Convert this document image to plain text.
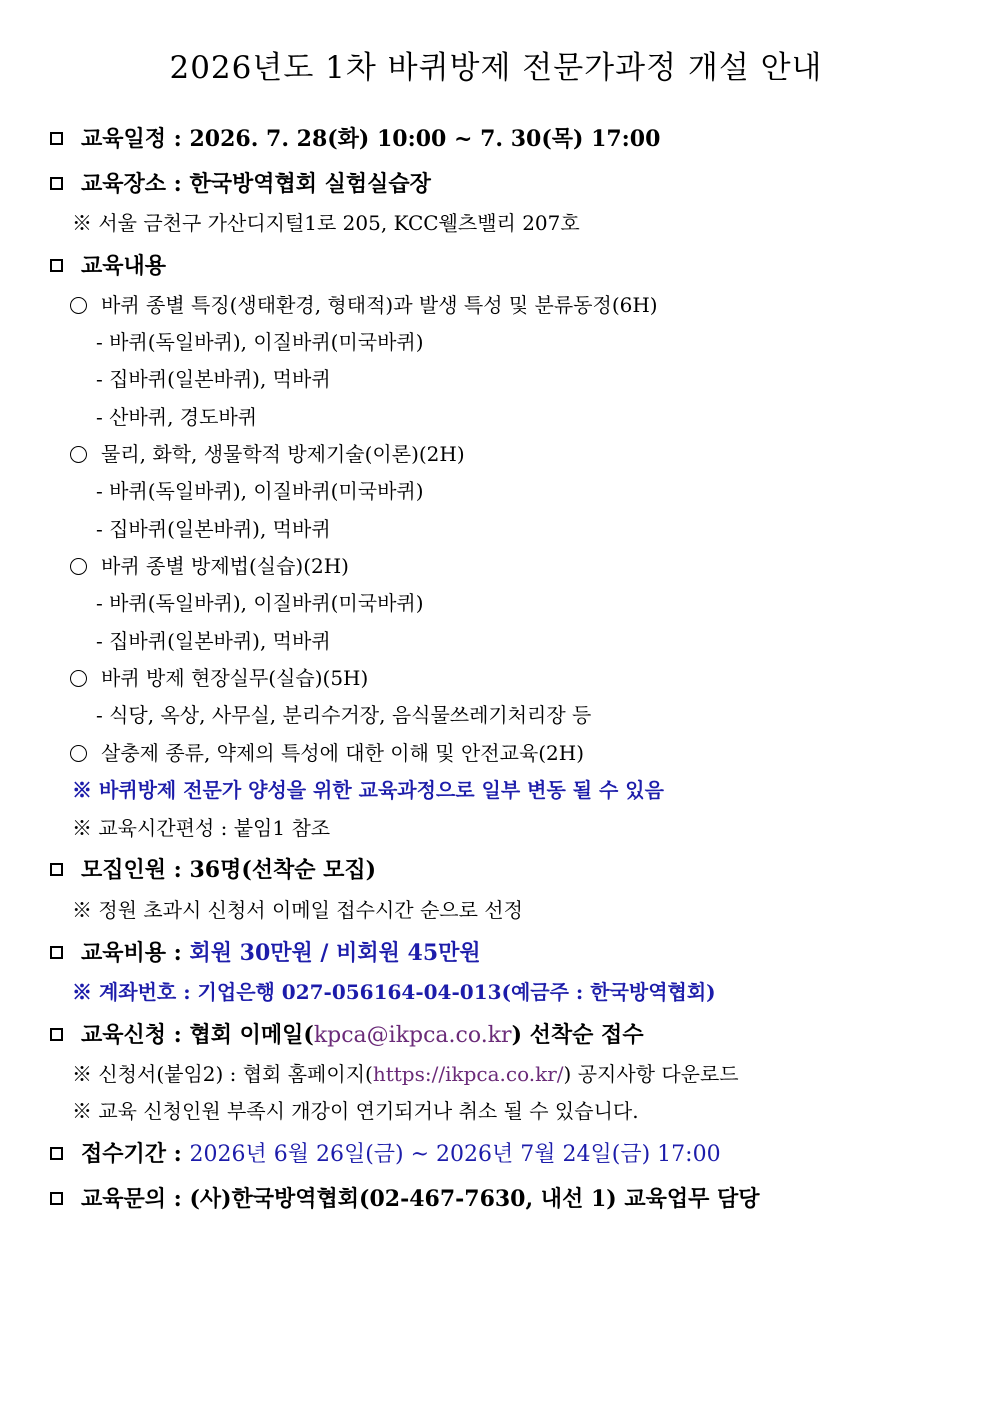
2026년도 1차 바퀴방제 전문가과정 개설 안내
교육일정 : 2026. 7. 28(화) 10:00 ~ 7. 30(목) 17:00
교육장소 : 한국방역협회 실험실습장
※ 서울 금천구 가산디지털1로 205, KCC웰츠밸리 207호
교육내용
바퀴 종별 특징(생태환경, 형태적)과 발생 특성 및 분류동정(6H)
- 바퀴(독일바퀴), 이질바퀴(미국바퀴)
- 집바퀴(일본바퀴), 먹바퀴
- 산바퀴, 경도바퀴
물리, 화학, 생물학적 방제기술(이론)(2H)
- 바퀴(독일바퀴), 이질바퀴(미국바퀴)
- 집바퀴(일본바퀴), 먹바퀴
바퀴 종별 방제법(실습)(2H)
- 바퀴(독일바퀴), 이질바퀴(미국바퀴)
- 집바퀴(일본바퀴), 먹바퀴
바퀴 방제 현장실무(실습)(5H)
- 식당, 옥상, 사무실, 분리수거장, 음식물쓰레기처리장 등
살충제 종류, 약제의 특성에 대한 이해 및 안전교육(2H)
※ 바퀴방제 전문가 양성을 위한 교육과정으로 일부 변동 될 수 있음
※ 교육시간편성 : 붙임1 참조
모집인원 : 36명(선착순 모집)
※ 정원 초과시 신청서 이메일 접수시간 순으로 선정
교육비용 : 회원 30만원 / 비회원 45만원
※ 계좌번호 : 기업은행 027-056164-04-013(예금주 : 한국방역협회)
교육신청 : 협회 이메일(kpca@ikpca.co.kr) 선착순 접수
※ 신청서(붙임2) : 협회 홈페이지(https://ikpca.co.kr/) 공지사항 다운로드
※ 교육 신청인원 부족시 개강이 연기되거나 취소 될 수 있습니다.
접수기간 : 2026년 6월 26일(금) ~ 2026년 7월 24일(금) 17:00
교육문의 : (사)한국방역협회(02-467-7630, 내선 1) 교육업무 담당
